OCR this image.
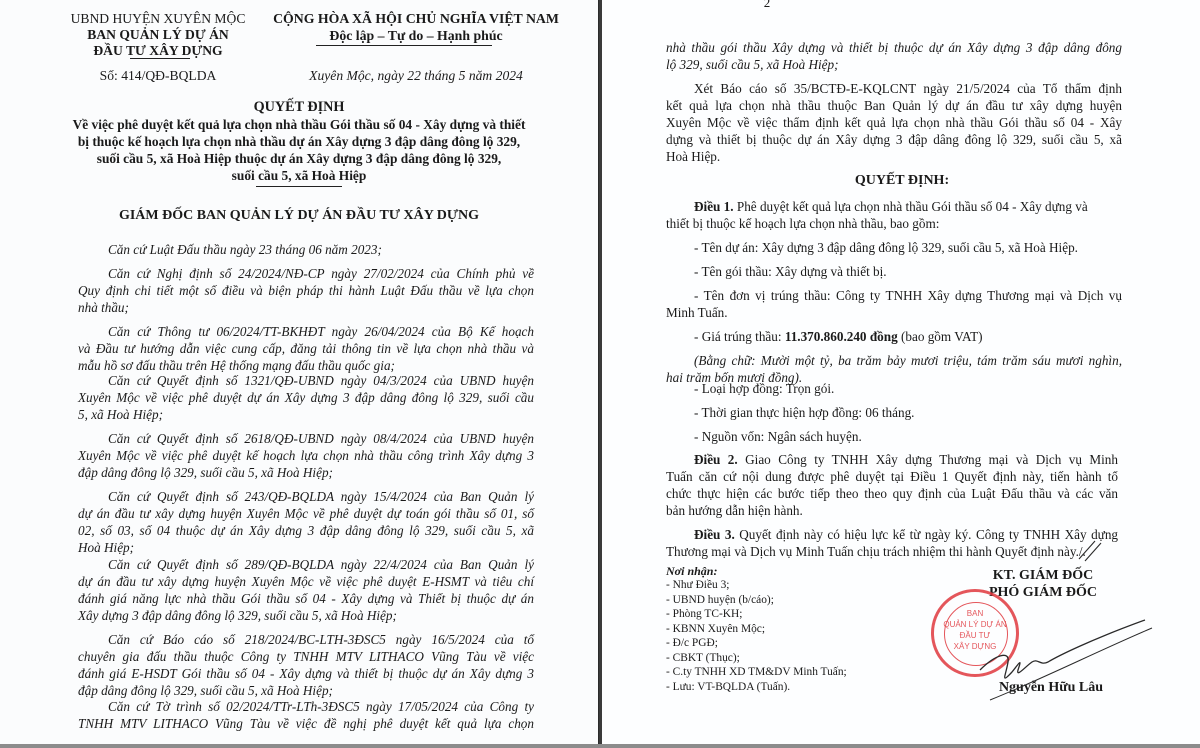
UBND HUYỆN XUYÊN MỘC
BAN QUẢN LÝ DỰ ÁN
ĐẦU TƯ XÂY DỰNG
Số: 414/QĐ-BQLDA
CỘNG HÒA XÃ HỘI CHỦ NGHĨA VIỆT NAM
Độc lập – Tự do – Hạnh phúc
Xuyên Mộc, ngày 22 tháng 5 năm 2024
QUYẾT ĐỊNH
Về việc phê duyệt kết quả lựa chọn nhà thầu Gói thầu số 04 - Xây dựng và thiết
bị thuộc kế hoạch lựa chọn nhà thầu dự án Xây dựng 3 đập dâng đông lộ 329,
suối cầu 5, xã Hoà Hiệp thuộc dự án Xây dựng 3 đập dâng đông lộ 329,
suối cầu 5, xã Hoà Hiệp
GIÁM ĐỐC BAN QUẢN LÝ DỰ ÁN ĐẦU TƯ XÂY DỰNG
Căn cứ Luật Đấu thầu ngày 23 tháng 06 năm 2023;
Căn cứ Nghị định số 24/2024/NĐ-CP ngày 27/02/2024 của Chính phủ về
Quy định chi tiết một số điều và biện pháp thi hành Luật Đấu thầu về lựa chọn
nhà thầu;
Căn cứ Thông tư 06/2024/TT-BKHĐT ngày 26/04/2024 của Bộ Kế hoạch
và Đầu tư hướng dẫn việc cung cấp, đăng tải thông tin về lựa chọn nhà thầu và
mẫu hồ sơ đấu thầu trên Hệ thống mạng đấu thầu quốc gia;
Căn cứ Quyết định số 1321/QĐ-UBND ngày 04/3/2024 của UBND huyện
Xuyên Mộc về việc phê duyệt dự án Xây dựng 3 đập dâng đông lộ 329, suối cầu
5, xã Hoà Hiệp;
Căn cứ Quyết định số 2618/QĐ-UBND ngày 08/4/2024 của UBND huyện
Xuyên Mộc về việc phê duyệt kế hoạch lựa chọn nhà thầu công trình Xây dựng 3
đập dâng đông lộ 329, suối cầu 5, xã Hoà Hiệp;
Căn cứ Quyết định số 243/QĐ-BQLDA ngày 15/4/2024 của Ban Quản lý
dự án đầu tư xây dựng huyện Xuyên Mộc về phê duyệt dự toán gói thầu số 01, số
02, số 03, số 04 thuộc dự án Xây dựng 3 đập dâng đông lộ 329, suối cầu 5, xã
Hoà Hiệp;
Căn cứ Quyết định số 289/QĐ-BQLDA ngày 22/4/2024 của Ban Quản lý
dự án đầu tư xây dựng huyện Xuyên Mộc về việc phê duyệt E-HSMT và tiêu chí
đánh giá năng lực nhà thầu Gói thầu số 04 - Xây dựng và Thiết bị thuộc dự án
Xây dựng 3 đập dâng đông lộ 329, suối cầu 5, xã Hoà Hiệp;
Căn cứ Báo cáo số 218/2024/BC-LTH-3ĐSC5 ngày 16/5/2024 của tổ
chuyên gia đấu thầu thuộc Công ty TNHH MTV LITHACO Vũng Tàu về việc
đánh giá E-HSDT Gói thầu số 04 - Xây dựng và thiết bị thuộc dự án Xây dựng 3
đập dâng đông lộ 329, suối cầu 5, xã Hoà Hiệp;
Căn cứ Tờ trình số 02/2024/TTr-LTh-3ĐSC5 ngày 17/05/2024 của Công ty
TNHH MTV LITHACO Vũng Tàu về việc đề nghị phê duyệt kết quả lựa chọn
2
nhà thầu gói thầu Xây dựng và thiết bị thuộc dự án Xây dựng 3 đập dâng đông
lộ 329, suối cầu 5, xã Hoà Hiệp;
Xét Báo cáo số 35/BCTĐ-E-KQLCNT ngày 21/5/2024 của Tổ thẩm định
kết quả lựa chọn nhà thầu thuộc Ban Quản lý dự án đầu tư xây dựng huyện
Xuyên Mộc về việc thẩm định kết quả lựa chọn nhà thầu Gói thầu số 04 - Xây
dựng và thiết bị thuộc dự án Xây dựng 3 đập dâng đông lộ 329, suối cầu 5, xã
Hoà Hiệp.
QUYẾT ĐỊNH:
Điều 1. Phê duyệt kết quả lựa chọn nhà thầu Gói thầu số 04 - Xây dựng và
thiết bị thuộc kế hoạch lựa chọn nhà thầu, bao gồm:
- Tên dự án: Xây dựng 3 đập dâng đông lộ 329, suối cầu 5, xã Hoà Hiệp.
- Tên gói thầu: Xây dựng và thiết bị.
- Tên đơn vị trúng thầu: Công ty TNHH Xây dựng Thương mại và Dịch vụ
Minh Tuấn.
- Giá trúng thầu: 11.370.860.240 đồng (bao gồm VAT)
(Bằng chữ: Mười một tỷ, ba trăm bảy mươi triệu, tám trăm sáu mươi nghìn,
hai trăm bốn mươi đồng).
- Loại hợp đồng: Trọn gói.
- Thời gian thực hiện hợp đồng: 06 tháng.
- Nguồn vốn: Ngân sách huyện.
Điều 2. Giao Công ty TNHH Xây dựng Thương mại và Dịch vụ Minh
Tuấn căn cứ nội dung được phê duyệt tại Điều 1 Quyết định này, tiến hành tổ
chức thực hiện các bước tiếp theo theo quy định của Luật Đấu thầu và các văn
bản hướng dẫn hiện hành.
Điều 3. Quyết định này có hiệu lực kể từ ngày ký. Công ty TNHH Xây dựng
Thương mại và Dịch vụ Minh Tuấn chịu trách nhiệm thi hành Quyết định này./.
Nơi nhận:
- Như Điều 3;
- UBND huyện (b/cáo);
- Phòng TC-KH;
- KBNN Xuyên Mộc;
- Đ/c PGĐ;
- CBKT (Thục);
- C.ty TNHH XD TM&DV Minh Tuấn;
- Lưu: VT-BQLDA (Tuấn).
KT. GIÁM ĐỐC
PHÓ GIÁM ĐỐC
Nguyễn Hữu Lâu
BAN
QUẢN LÝ DỰ ÁN
ĐẦU TƯ
XÂY DỰNG
